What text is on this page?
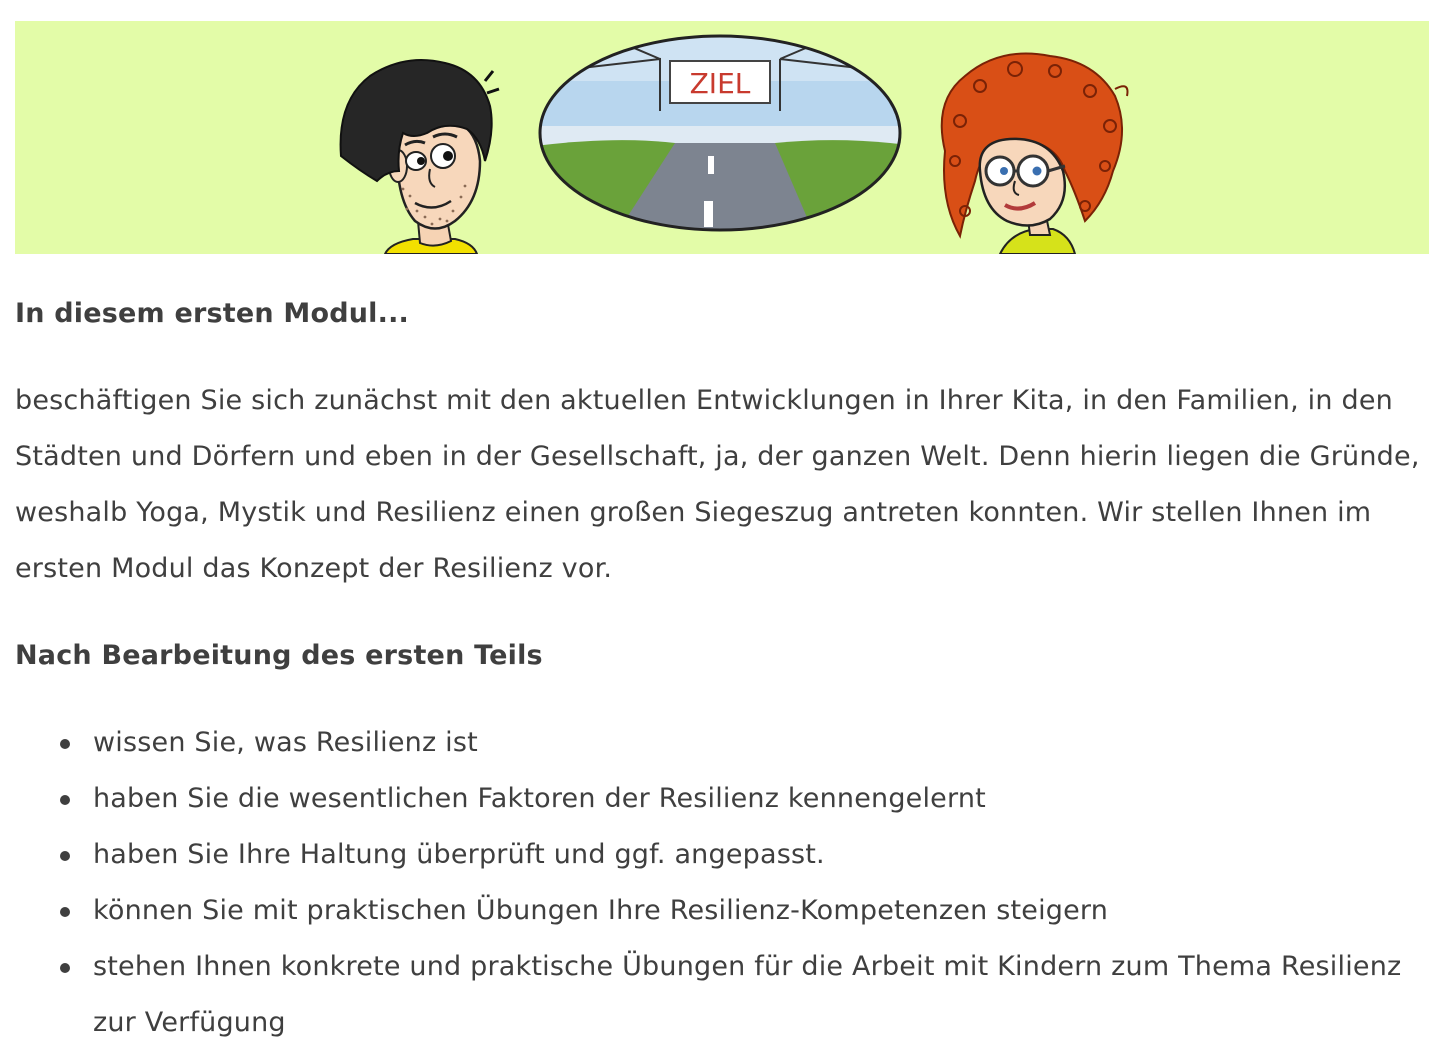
ZIEL

In diesem ersten Modul...

beschäftigen Sie sich zunächst mit den aktuellen Entwicklungen in Ihrer Kita, in den Familien, in den Städten und Dörfern und eben in der Gesellschaft, ja, der ganzen Welt. Denn hierin liegen die Gründe, weshalb Yoga, Mystik und Resilienz einen großen Siegeszug antreten konnten. Wir stellen Ihnen im ersten Modul das Konzept der Resilienz vor.

Nach Bearbeitung des ersten Teils

wissen Sie, was Resilienz ist
haben Sie die wesentlichen Faktoren der Resilienz kennengelernt
haben Sie Ihre Haltung überprüft und ggf. angepasst.
können Sie mit praktischen Übungen Ihre Resilienz-Kompetenzen steigern
stehen Ihnen konkrete und praktische Übungen für die Arbeit mit Kindern zum Thema Resilienz zur Verfügung
